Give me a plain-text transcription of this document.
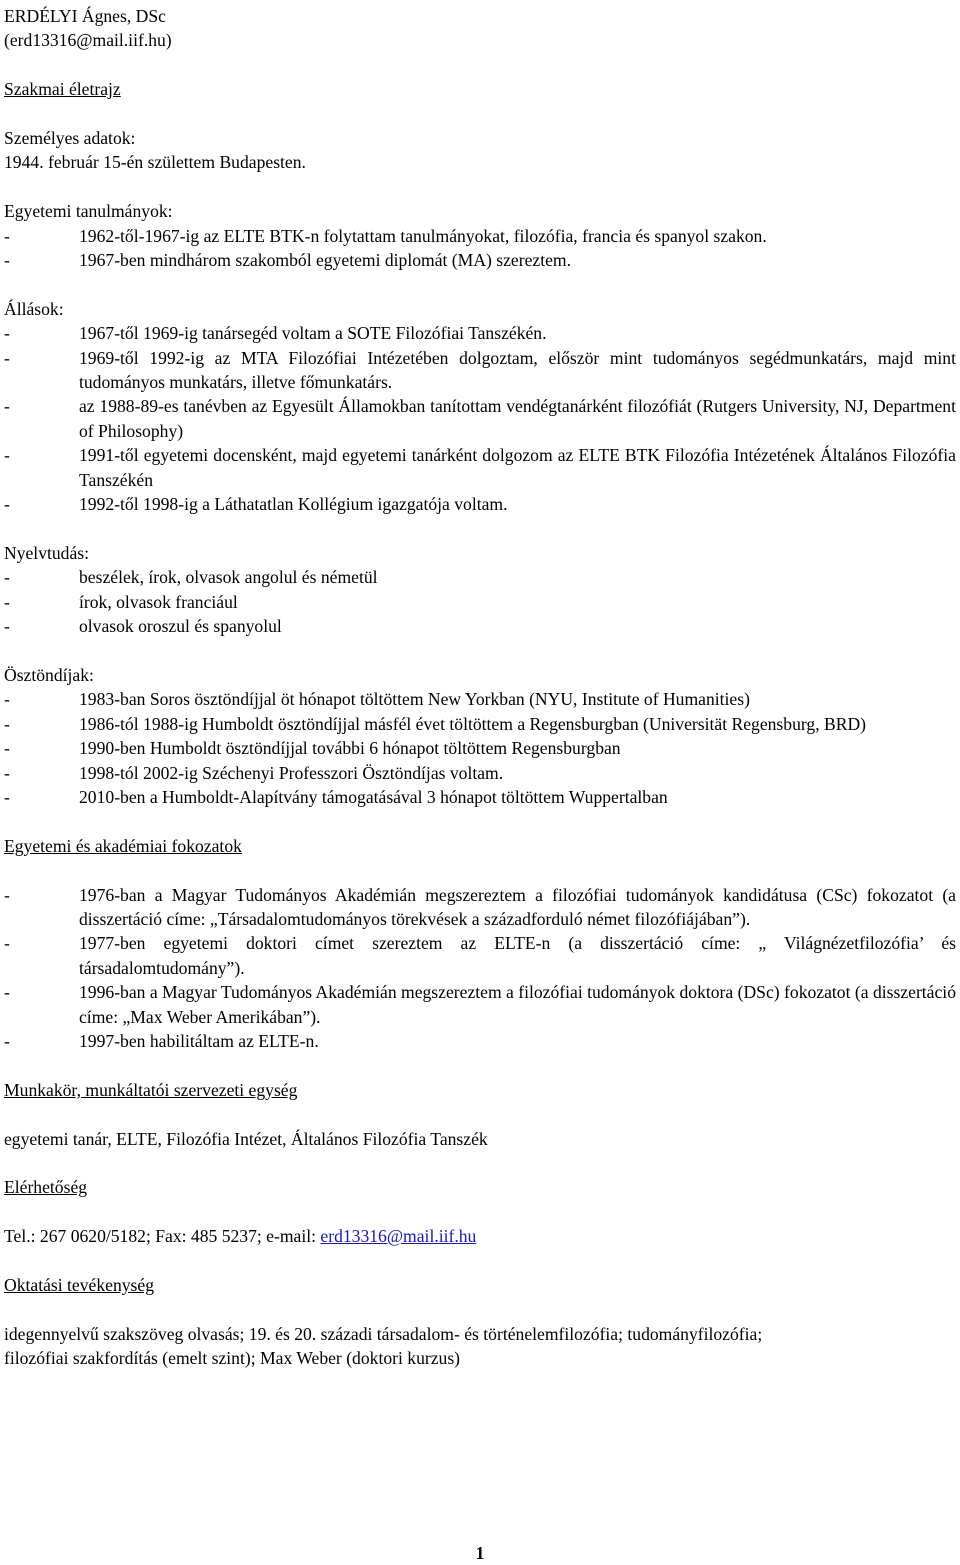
ERDÉLYI Ágnes, DSc
(erd13316@mail.iif.hu)
Szakmai életrajz
Személyes adatok:
1944. február 15-én születtem Budapesten.
Egyetemi tanulmányok:
-	1962-től-1967-ig az ELTE BTK-n folytattam tanulmányokat, filozófia, francia és spanyol szakon.
-	1967-ben mindhárom szakomból egyetemi diplomát (MA) szereztem.
Állások:
-	1967-től 1969-ig tanársegéd voltam a SOTE Filozófiai Tanszékén.
-	1969-től 1992-ig az MTA Filozófiai Intézetében dolgoztam, először mint tudományos segédmunkatárs, majd mint tudományos munkatárs, illetve főmunkatárs.
-	az 1988-89-es tanévben az Egyesült Államokban tanítottam vendégtanárként filozófiát (Rutgers University, NJ, Department of Philosophy)
-	1991-től egyetemi docensként, majd egyetemi tanárként dolgozom az ELTE BTK Filozófia Intézetének Általános Filozófia Tanszékén
-	1992-től 1998-ig a Láthatatlan Kollégium igazgatója voltam.
Nyelvtudás:
-	beszélek, írok, olvasok angolul és németül
-	írok, olvasok franciául
-	olvasok oroszul és spanyolul
Ösztöndíjak:
-	1983-ban Soros ösztöndíjjal öt hónapot töltöttem New Yorkban (NYU, Institute of Humanities)
-	1986-tól 1988-ig Humboldt ösztöndíjjal másfél évet töltöttem a Regensburgban (Universität Regensburg, BRD)
-	1990-ben Humboldt ösztöndíjjal további 6 hónapot töltöttem Regensburgban
-	1998-tól 2002-ig Széchenyi Professzori Ösztöndíjas voltam.
-	2010-ben a Humboldt-Alapítvány támogatásával 3 hónapot töltöttem Wuppertalban
Egyetemi és akadémiai fokozatok
-	1976-ban a Magyar Tudományos Akadémián megszereztem a filozófiai tudományok kandidátusa (CSc) fokozatot (a disszertáció címe: „Társadalomtudományos törekvések a századforduló német filozófiájában”).
-	1977-ben egyetemi doktori címet szereztem az ELTE-n (a disszertáció címe: „ Világnézetfilozófia’ és társadalomtudomány”).
-	1996-ban a Magyar Tudományos Akadémián megszereztem a filozófiai tudományok doktora (DSc) fokozatot (a disszertáció címe: „Max Weber Amerikában”).
-	1997-ben habilitáltam az ELTE-n.
Munkakör, munkáltatói szervezeti egység
egyetemi tanár, ELTE, Filozófia Intézet, Általános Filozófia Tanszék
Elérhetőség
Tel.: 267 0620/5182; Fax: 485 5237; e-mail: erd13316@mail.iif.hu
Oktatási tevékenység
idegennyelvű szakszöveg olvasás; 19. és 20. századi társadalom- és történelemfilozófia; tudományfilozófia;
filozófiai szakfordítás (emelt szint); Max Weber (doktori kurzus)
1
